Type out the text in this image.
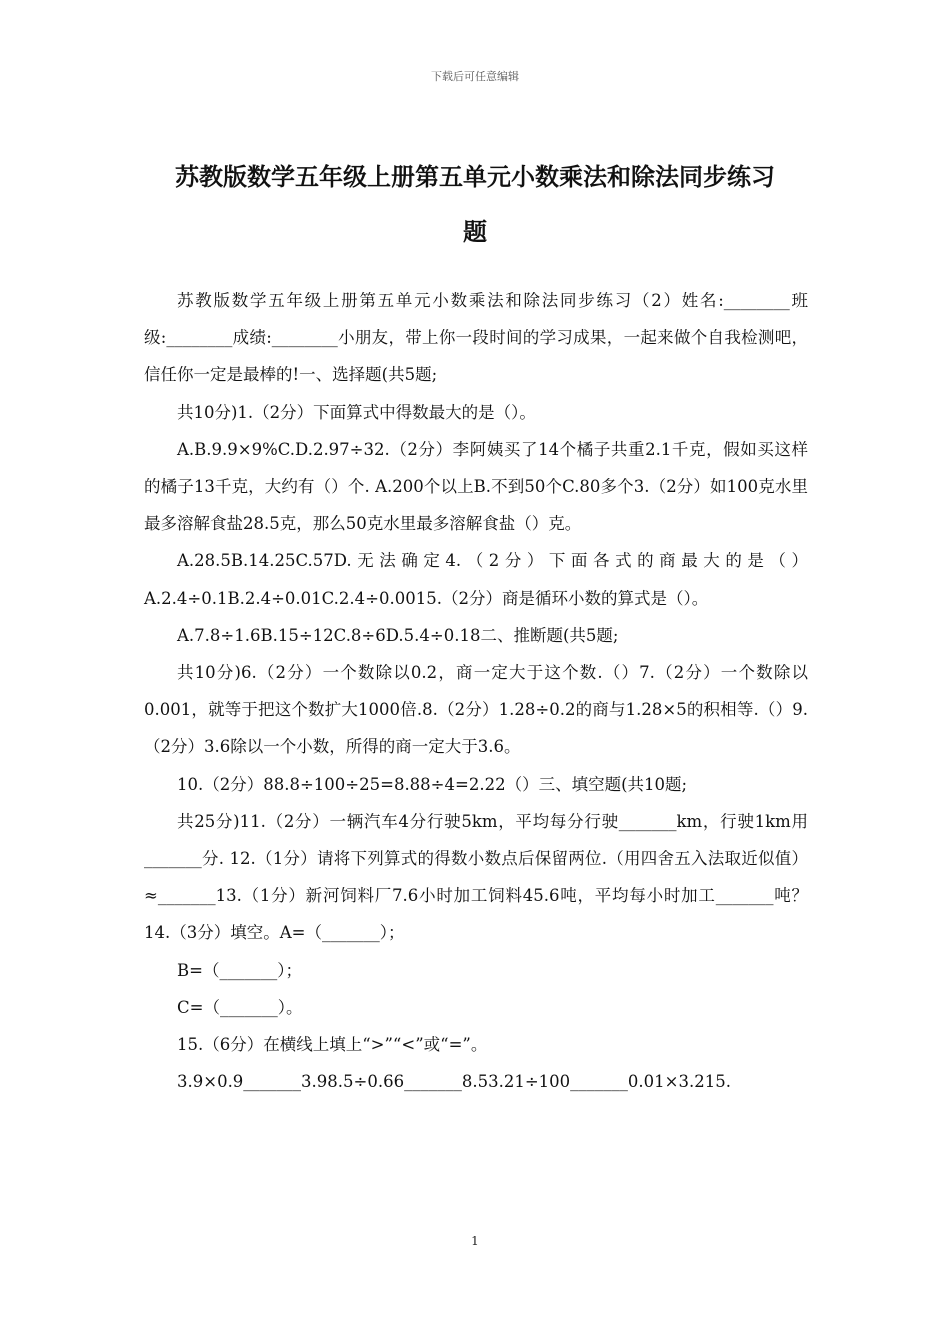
下载后可任意编辑
苏教版数学五年级上册第五单元小数乘法和除法同步练习
题

苏教版数学五年级上册第五单元小数乘法和除法同步练习（2）姓名:________班级:________成绩:________小朋友，带上你一段时间的学习成果，一起来做个自我检测吧，信任你一定是最棒的!一、选择题(共5题;

共10分)1.（2分）下面算式中得数最大的是（）。

A.B.9.9×9%C.D.2.97÷32.（2分）李阿姨买了14个橘子共重2.1千克，假如买这样的橘子13千克，大约有（）个. A.200个以上B.不到50个C.80多个3.（2分）如100克水里最多溶解食盐28.5克，那么50克水里最多溶解食盐（）克。

A.28.5B.14.25C.57D.无法确定4.（2分）下面各式的商最大的是（）A.2.4÷0.1B.2.4÷0.01C.2.4÷0.0015.（2分）商是循环小数的算式是（）。

A.7.8÷1.6B.15÷12C.8÷6D.5.4÷0.18二、推断题(共5题;

共10分)6.（2分）一个数除以0.2，商一定大于这个数.（）7.（2分）一个数除以0.001，就等于把这个数扩大1000倍.8.（2分）1.28÷0.2的商与1.28×5的积相等.（）9.（2分）3.6除以一个小数，所得的商一定大于3.6。

10.（2分）88.8÷100÷25=8.88÷4=2.22（）三、填空题(共10题;

共25分)11.（2分）一辆汽车4分行驶5km，平均每分行驶_______km，行驶1km用_______分. 12.（1分）请将下列算式的得数小数点后保留两位.（用四舍五入法取近似值）≈_______13.（1分）新河饲料厂7.6小时加工饲料45.6吨，平均每小时加工_______吨？14.（3分）填空。A=（_______）；

B=（_______）；

C=（_______）。

15.（6分）在横线上填上“>”“<”或“=”。

3.9×0.9_______3.98.5÷0.66_______8.53.21÷100_______0.01×3.215.

1
